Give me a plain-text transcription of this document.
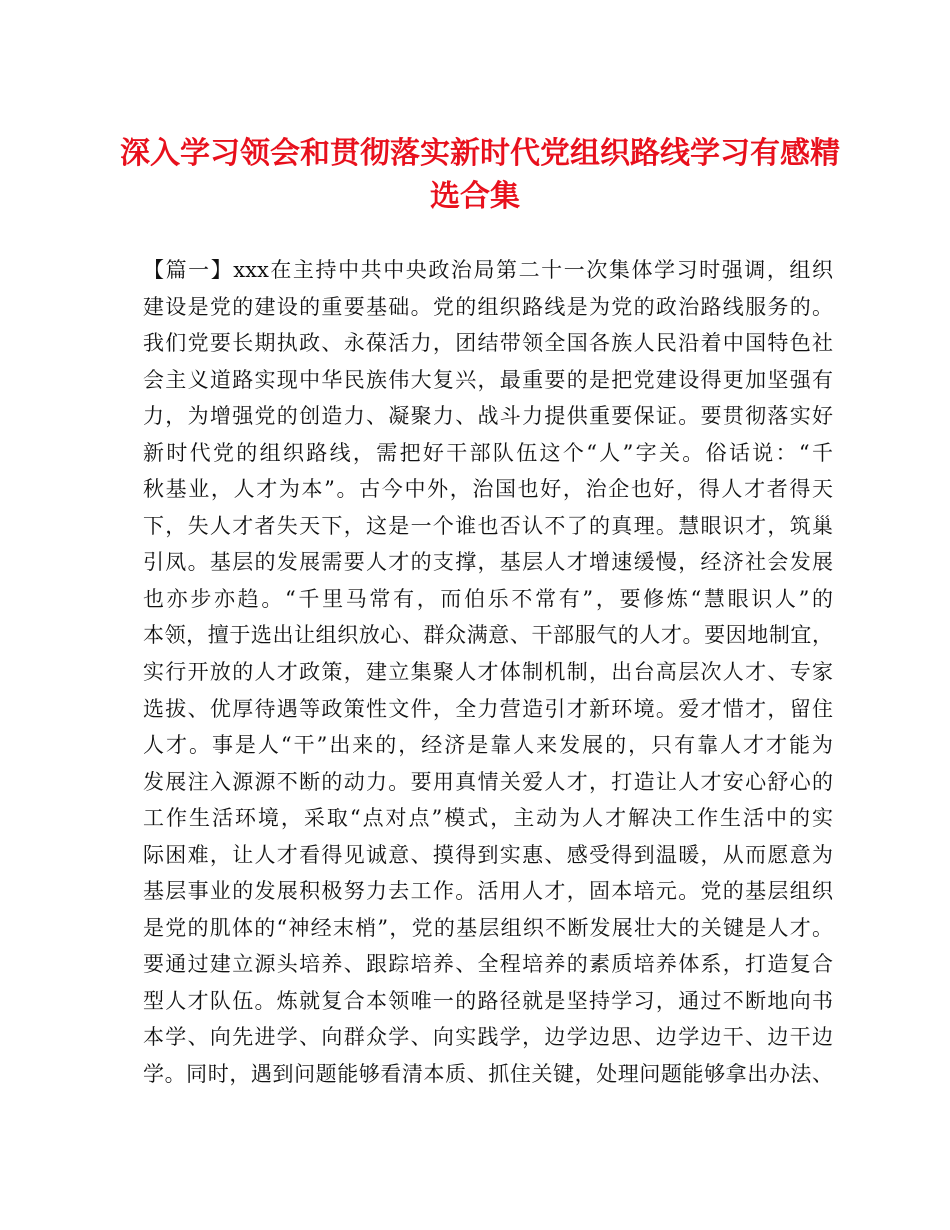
深入学习领会和贯彻落实新时代党组织路线学习有感精
选合集
【篇一】xxx在主持中共中央政治局第二十一次集体学习时强调，组织
建设是党的建设的重要基础。党的组织路线是为党的政治路线服务的。
我们党要长期执政、永葆活力，团结带领全国各族人民沿着中国特色社
会主义道路实现中华民族伟大复兴，最重要的是把党建设得更加坚强有
力，为增强党的创造力、凝聚力、战斗力提供重要保证。要贯彻落实好
新时代党的组织路线，需把好干部队伍这个“人”字关。俗话说：“千
秋基业，人才为本”。古今中外，治国也好，治企也好，得人才者得天
下，失人才者失天下，这是一个谁也否认不了的真理。慧眼识才，筑巢
引凤。基层的发展需要人才的支撑，基层人才增速缓慢，经济社会发展
也亦步亦趋。“千里马常有，而伯乐不常有”，要修炼“慧眼识人”的
本领，擅于选出让组织放心、群众满意、干部服气的人才。要因地制宜，
实行开放的人才政策，建立集聚人才体制机制，出台高层次人才、专家
选拔、优厚待遇等政策性文件，全力营造引才新环境。爱才惜才，留住
人才。事是人“干”出来的，经济是靠人来发展的，只有靠人才才能为
发展注入源源不断的动力。要用真情关爱人才，打造让人才安心舒心的
工作生活环境，采取“点对点”模式，主动为人才解决工作生活中的实
际困难，让人才看得见诚意、摸得到实惠、感受得到温暖，从而愿意为
基层事业的发展积极努力去工作。活用人才，固本培元。党的基层组织
是党的肌体的“神经末梢”，党的基层组织不断发展壮大的关键是人才。
要通过建立源头培养、跟踪培养、全程培养的素质培养体系，打造复合
型人才队伍。炼就复合本领唯一的路径就是坚持学习，通过不断地向书
本学、向先进学、向群众学、向实践学，边学边思、边学边干、边干边
学。同时，遇到问题能够看清本质、抓住关键，处理问题能够拿出办法、
